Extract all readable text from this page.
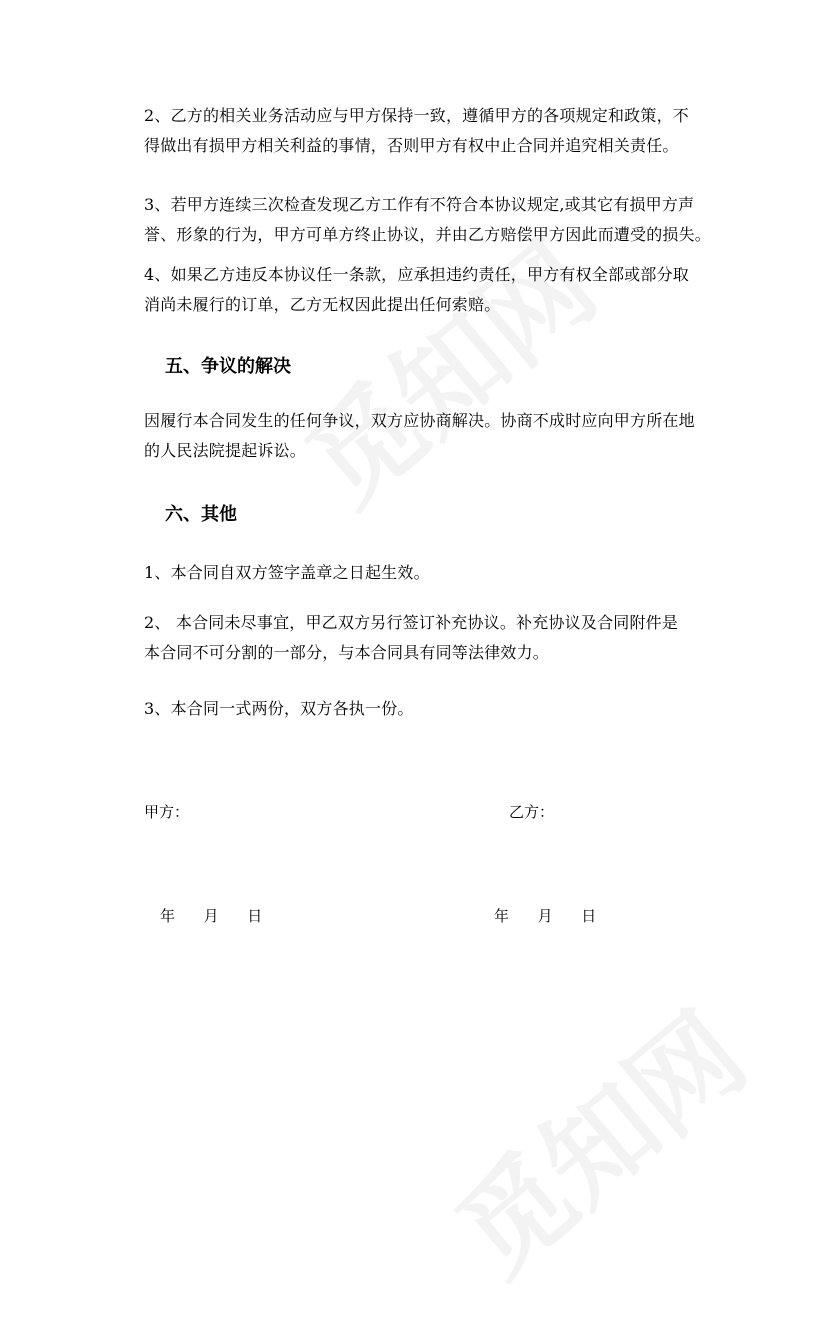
2、乙方的相关业务活动应与甲方保持一致，遵循甲方的各项规定和政策，不
得做出有损甲方相关利益的事情，否则甲方有权中止合同并追究相关责任。
3、若甲方连续三次检查发现乙方工作有不符合本协议规定,或其它有损甲方声
誉、形象的行为，甲方可单方终止协议，并由乙方赔偿甲方因此而遭受的损失。
4、如果乙方违反本协议任一条款，应承担违约责任，甲方有权全部或部分取
消尚未履行的订单，乙方无权因此提出任何索赔。
五、争议的解决
因履行本合同发生的任何争议，双方应协商解决。协商不成时应向甲方所在地
的人民法院提起诉讼。
六、其他
1、本合同自双方签字盖章之日起生效。
2、 本合同未尽事宜，甲乙双方另行签订补充协议。补充协议及合同附件是
本合同不可分割的一部分，与本合同具有同等法律效力。
3、本合同一式两份，双方各执一份。
甲方：	乙方：
年      月      日	年      月      日
